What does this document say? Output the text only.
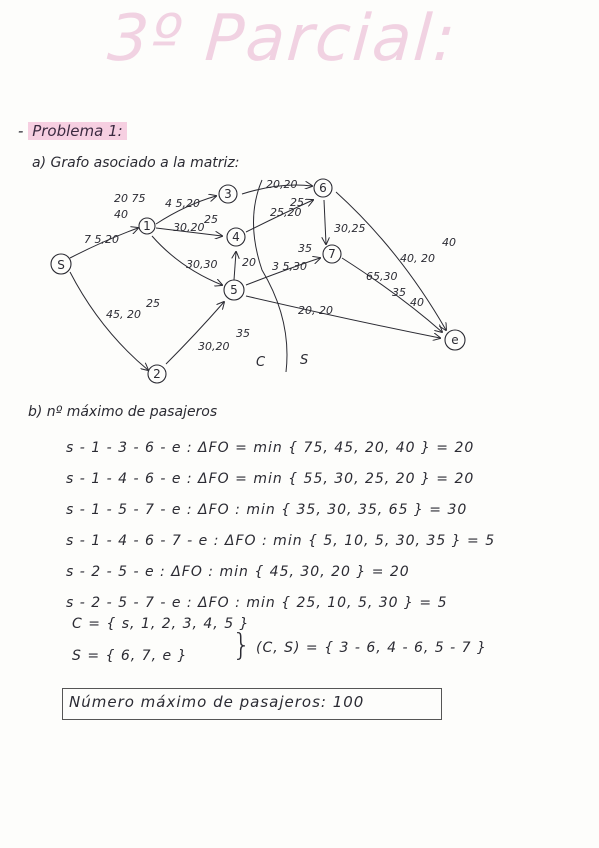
3º Parcial:
- Problema 1:
a) Grafo asociado a la matriz:
S
1
2
3
4
5
6
7
e
7 5,20
20 75
40
45, 20
25
4 5,20
30,20
25
30,30
30,20
35
20
20,20
25,20
25
30,25
3 5,30
35
40, 20
40
65,30
35
40
20, 20
C	S
b) nº máximo de pasajeros
s - 1 - 3 - 6 - e : ΔFO = min { 75, 45, 20, 40 } = 20
s - 1 - 4 - 6 - e : ΔFO = min { 55, 30, 25, 20 } = 20
s - 1 - 5 - 7 - e : ΔFO : min { 35, 30, 35, 65 } = 30
s - 1 - 4 - 6 - 7 - e : ΔFO : min { 5, 10, 5, 30, 35 } = 5
s - 2 - 5 - e : ΔFO : min { 45, 30, 20 } = 20
s - 2 - 5 - 7 - e : ΔFO : min { 25, 10, 5, 30 } = 5
C = { s, 1, 2, 3, 4, 5 }
S = { 6, 7, e }	} (C, S) = { 3 - 6, 4 - 6, 5 - 7 }
Número máximo de pasajeros: 100
